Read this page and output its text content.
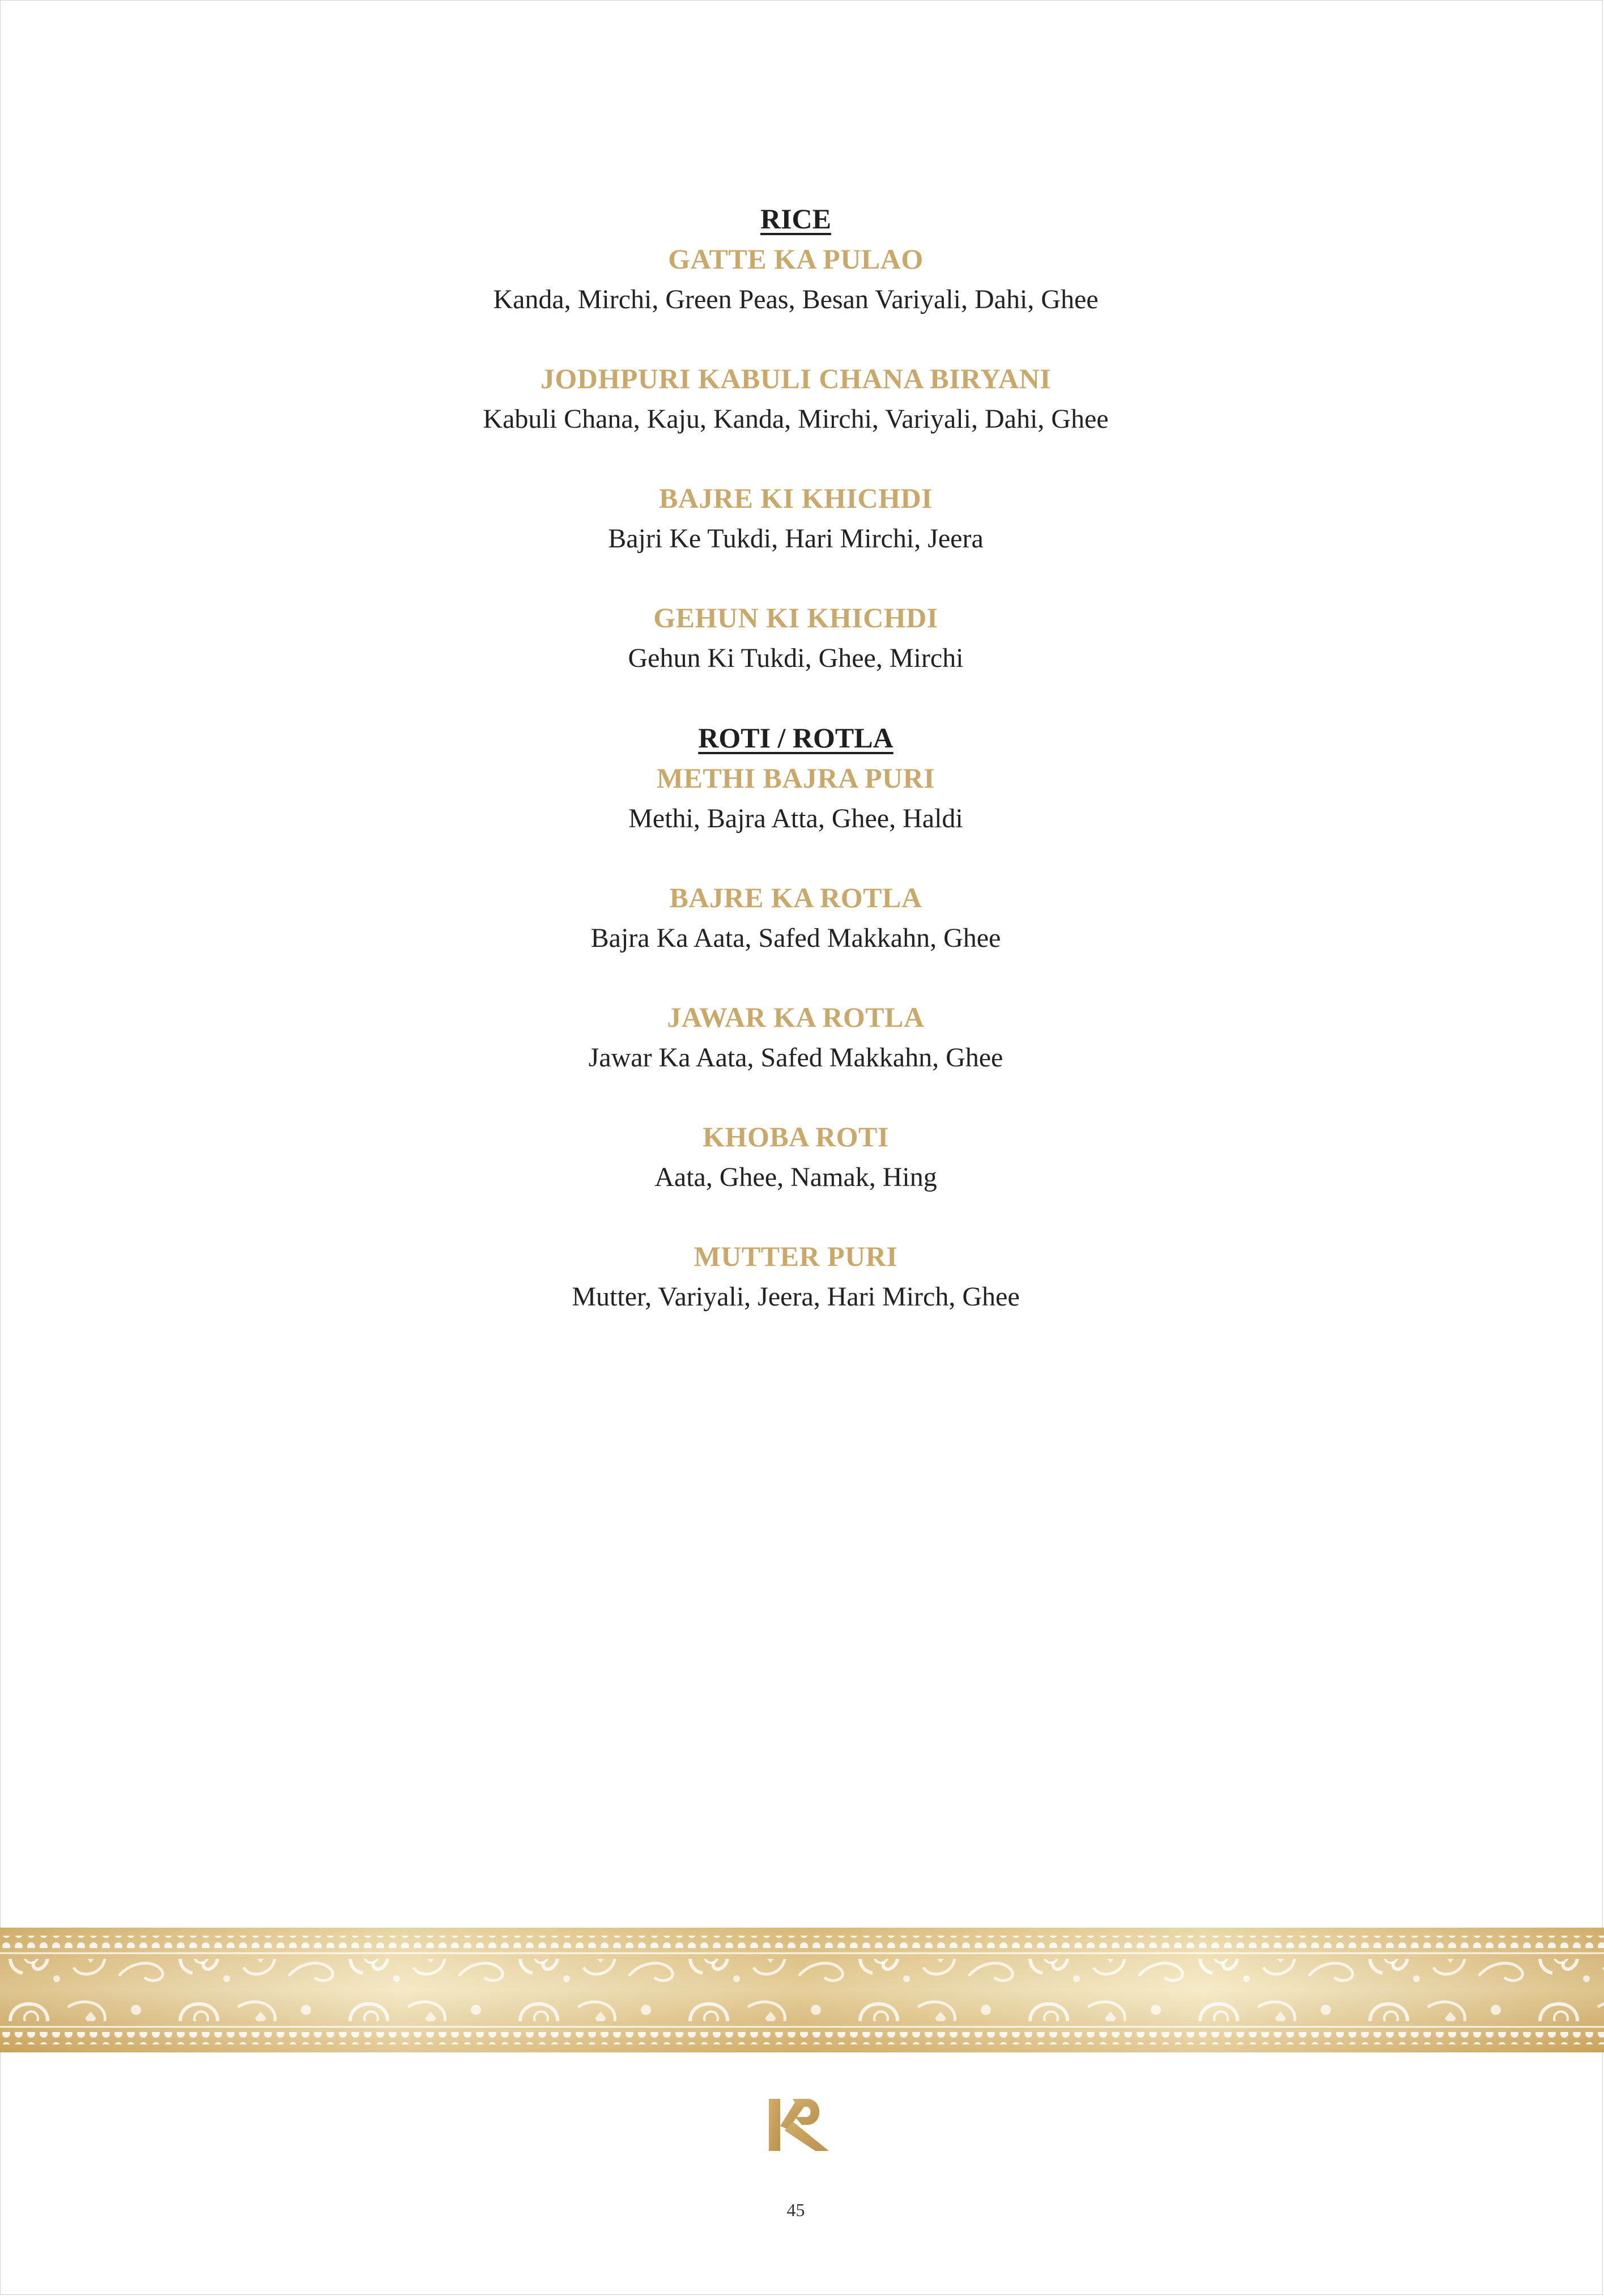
RICE
GATTE KA PULAO
Kanda, Mirchi, Green Peas, Besan Variyali, Dahi, Ghee
JODHPURI KABULI CHANA BIRYANI
Kabuli Chana, Kaju, Kanda, Mirchi, Variyali, Dahi, Ghee
BAJRE KI KHICHDI
Bajri Ke Tukdi, Hari Mirchi, Jeera
GEHUN KI KHICHDI
Gehun Ki Tukdi, Ghee, Mirchi
ROTI / ROTLA
METHI BAJRA PURI
Methi, Bajra Atta, Ghee, Haldi
BAJRE KA ROTLA
Bajra Ka Aata, Safed Makkahn, Ghee
JAWAR KA ROTLA
Jawar Ka Aata, Safed Makkahn, Ghee
KHOBA ROTI
Aata, Ghee, Namak, Hing
MUTTER PURI
Mutter, Variyali, Jeera, Hari Mirch, Ghee
45
